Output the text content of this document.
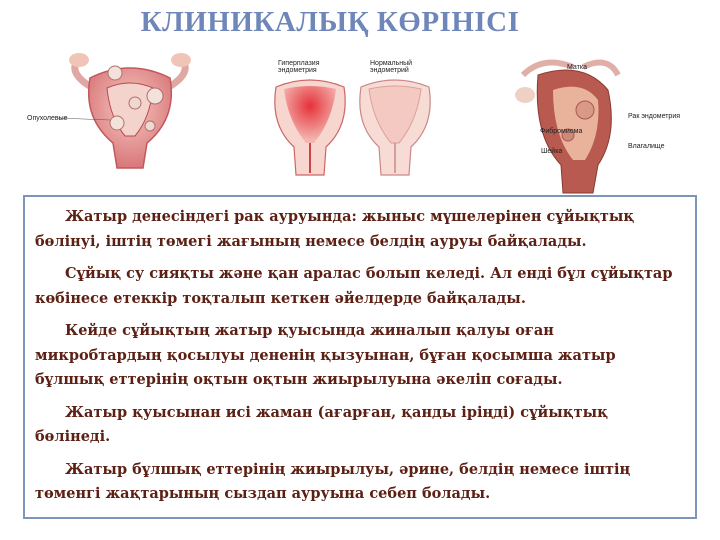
КЛИНИКАЛЫҚ КӨРІНІСІ
Опухолевые
Гиперплазия
эндометрия
Нормальный
эндометрий	Матка
Рак эндометрия
Фибромиома
Шейка
Влагалище

Жатыр денесіндегі рак ауруында: жыныс мүшелерінен сұйықтық бөлінуі, іштің төмегі жағының немесе белдің ауруы байқалады.

Сұйық су сияқты және қан аралас болып келеді. Ал енді бұл сұйықтар көбінесе етеккір тоқталып кеткен әйелдерде байқалады.

Кейде сұйықтың жатыр қуысында жиналып қалуы оған микробтардың қосылуы дененің қызуынан, бұған қосымша жатыр бұлшық еттерінің оқтын оқтын жиырылуына әкеліп соғады.

Жатыр қуысынан исі жаман (ағарған, қанды іріңді) сұйықтық бөлінеді.

Жатыр бұлшық еттерінің жиырылуы, әрине, белдің немесе іштің төменгі жақтарының сыздап ауруына себеп болады.
